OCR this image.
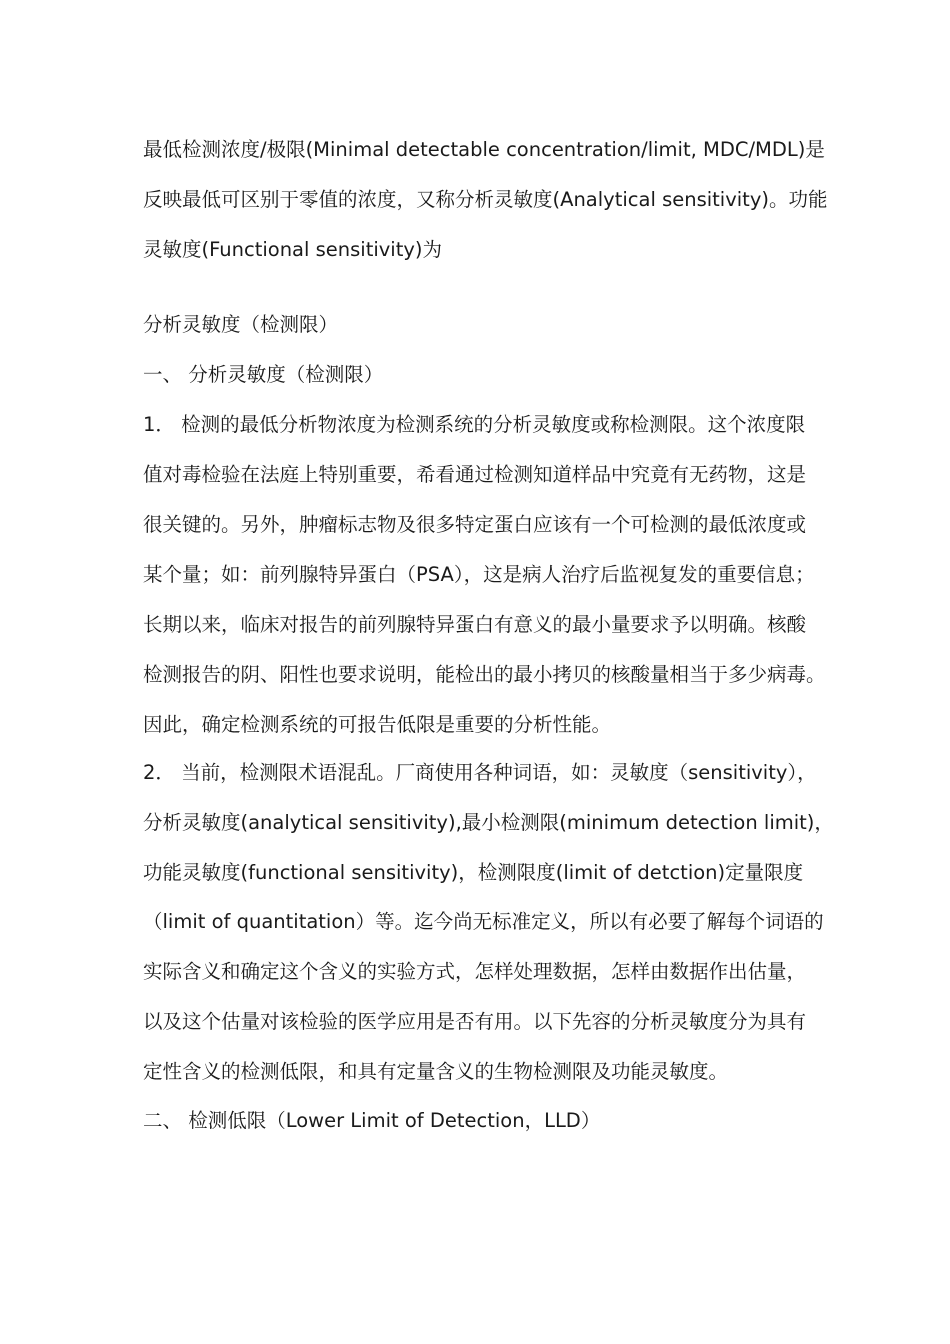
最低检测浓度/极限(Minimal detectable concentration/limit, MDC/MDL)是
反映最低可区别于零值的浓度，又称分析灵敏度(Analytical sensitivity)。功能
灵敏度(Functional sensitivity)为
分析灵敏度（检测限）
一、 分析灵敏度（检测限）
1． 检测的最低分析物浓度为检测系统的分析灵敏度或称检测限。这个浓度限
值对毒检验在法庭上特别重要，希看通过检测知道样品中究竟有无药物，这是
很关键的。另外，肿瘤标志物及很多特定蛋白应该有一个可检测的最低浓度或
某个量；如：前列腺特异蛋白（PSA），这是病人治疗后监视复发的重要信息；
长期以来，临床对报告的前列腺特异蛋白有意义的最小量要求予以明确。核酸
检测报告的阴、阳性也要求说明，能检出的最小拷贝的核酸量相当于多少病毒。
因此，确定检测系统的可报告低限是重要的分析性能。
2． 当前，检测限术语混乱。厂商使用各种词语，如：灵敏度（sensitivity），
分析灵敏度(analytical sensitivity),最小检测限(minimum detection limit)，
功能灵敏度(functional sensitivity)，检测限度(limit of detction)定量限度
（limit of quantitation）等。迄今尚无标准定义，所以有必要了解每个词语的
实际含义和确定这个含义的实验方式，怎样处理数据，怎样由数据作出估量，
以及这个估量对该检验的医学应用是否有用。以下先容的分析灵敏度分为具有
定性含义的检测低限，和具有定量含义的生物检测限及功能灵敏度。
二、 检测低限（Lower Limit of Detection，LLD）
